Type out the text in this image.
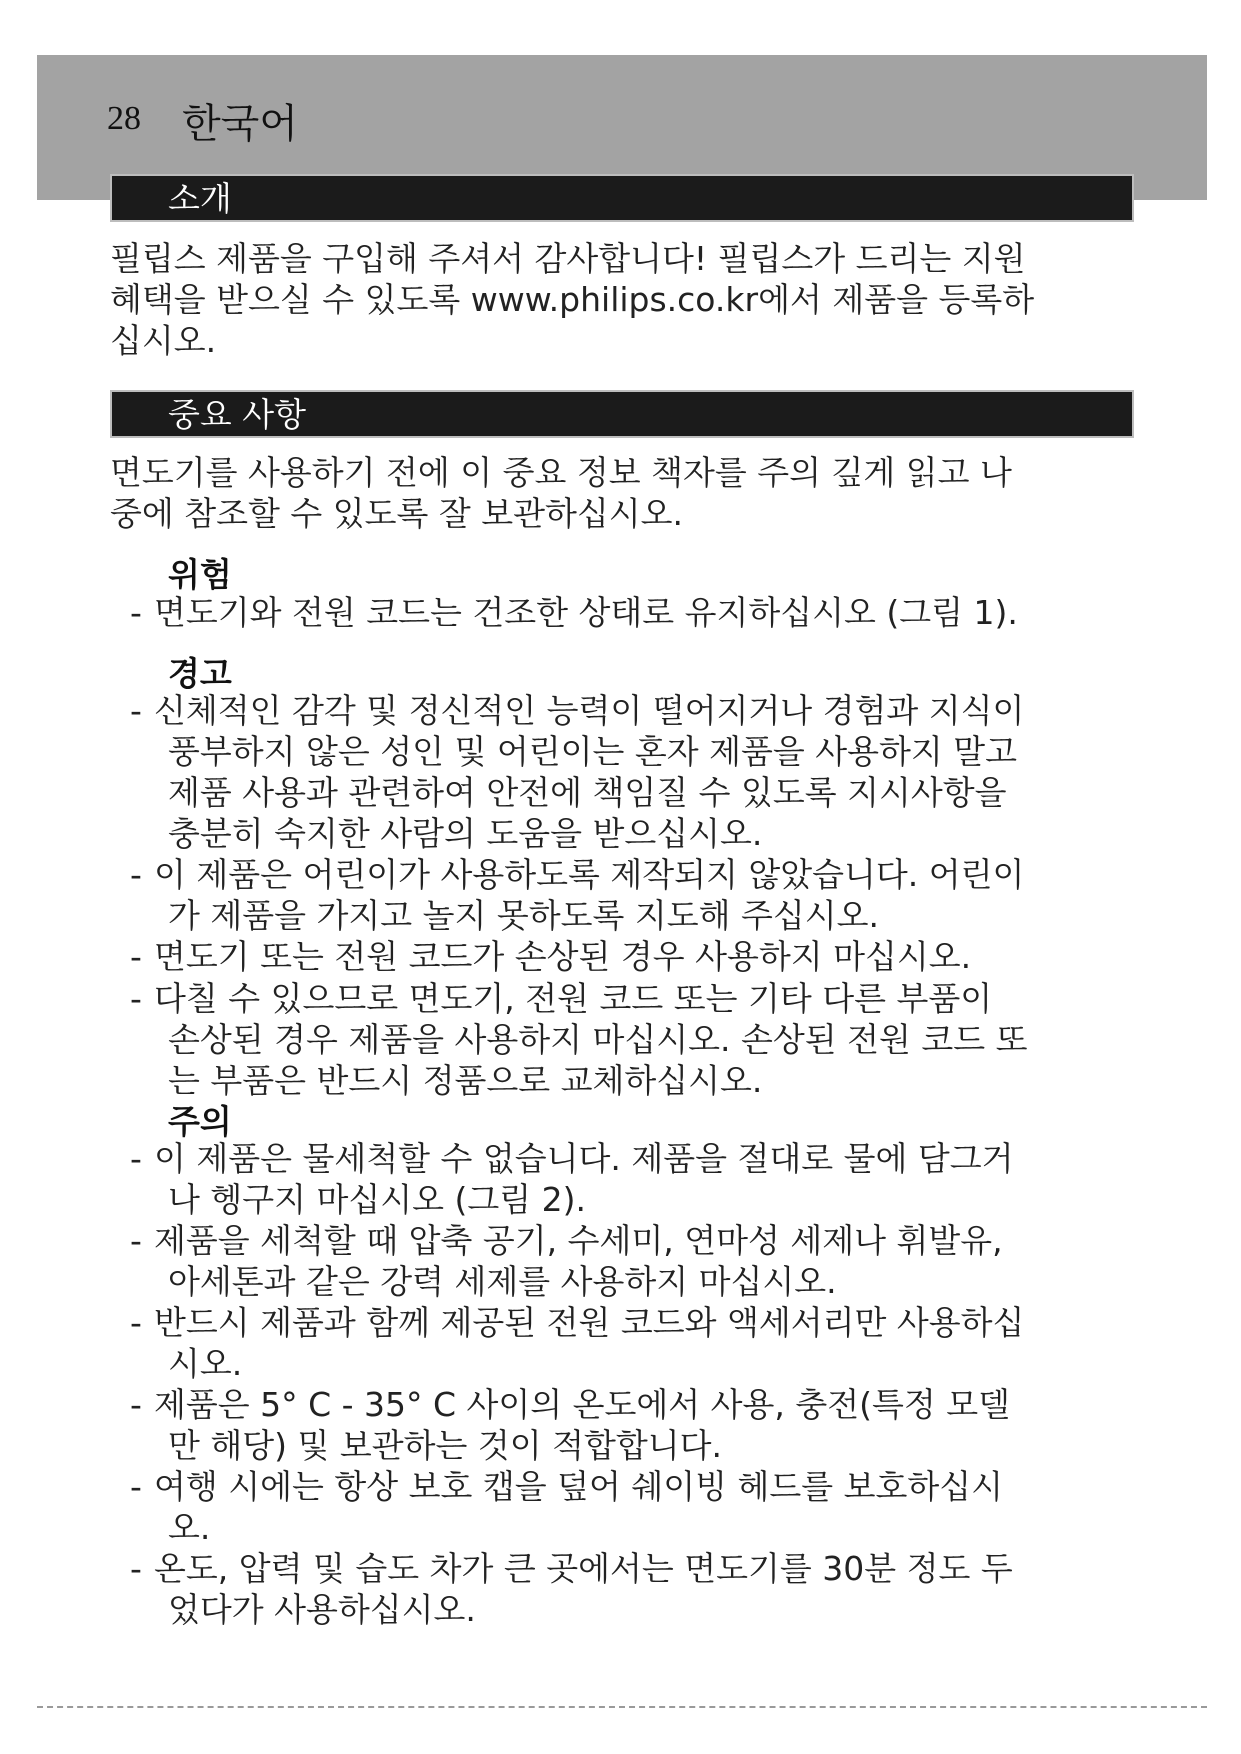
28 한국어
소개
필립스 제품을 구입해 주셔서 감사합니다! 필립스가 드리는 지원
혜택을 받으실 수 있도록 www.philips.co.kr에서 제품을 등록하
십시오.
중요 사항
면도기를 사용하기 전에 이 중요 정보 책자를 주의 깊게 읽고 나
중에 참조할 수 있도록 잘 보관하십시오.
위험
- 면도기와 전원 코드는 건조한 상태로 유지하십시오 (그림 1).
경고
- 신체적인 감각 및 정신적인 능력이 떨어지거나 경험과 지식이
풍부하지 않은 성인 및 어린이는 혼자 제품을 사용하지 말고
제품 사용과 관련하여 안전에 책임질 수 있도록 지시사항을
충분히 숙지한 사람의 도움을 받으십시오.
- 이 제품은 어린이가 사용하도록 제작되지 않았습니다. 어린이
가 제품을 가지고 놀지 못하도록 지도해 주십시오.
- 면도기 또는 전원 코드가 손상된 경우 사용하지 마십시오.
- 다칠 수 있으므로 면도기, 전원 코드 또는 기타 다른 부품이
손상된 경우 제품을 사용하지 마십시오. 손상된 전원 코드 또
는 부품은 반드시 정품으로 교체하십시오.
주의
- 이 제품은 물세척할 수 없습니다. 제품을 절대로 물에 담그거
나 헹구지 마십시오 (그림 2).
- 제품을 세척할 때 압축 공기, 수세미, 연마성 세제나 휘발유,
아세톤과 같은 강력 세제를 사용하지 마십시오.
- 반드시 제품과 함께 제공된 전원 코드와 액세서리만 사용하십
시오.
- 제품은 5° C - 35° C 사이의 온도에서 사용, 충전(특정 모델
만 해당) 및 보관하는 것이 적합합니다.
- 여행 시에는 항상 보호 캡을 덮어 쉐이빙 헤드를 보호하십시
오.
- 온도, 압력 및 습도 차가 큰 곳에서는 면도기를 30분 정도 두
었다가 사용하십시오.
